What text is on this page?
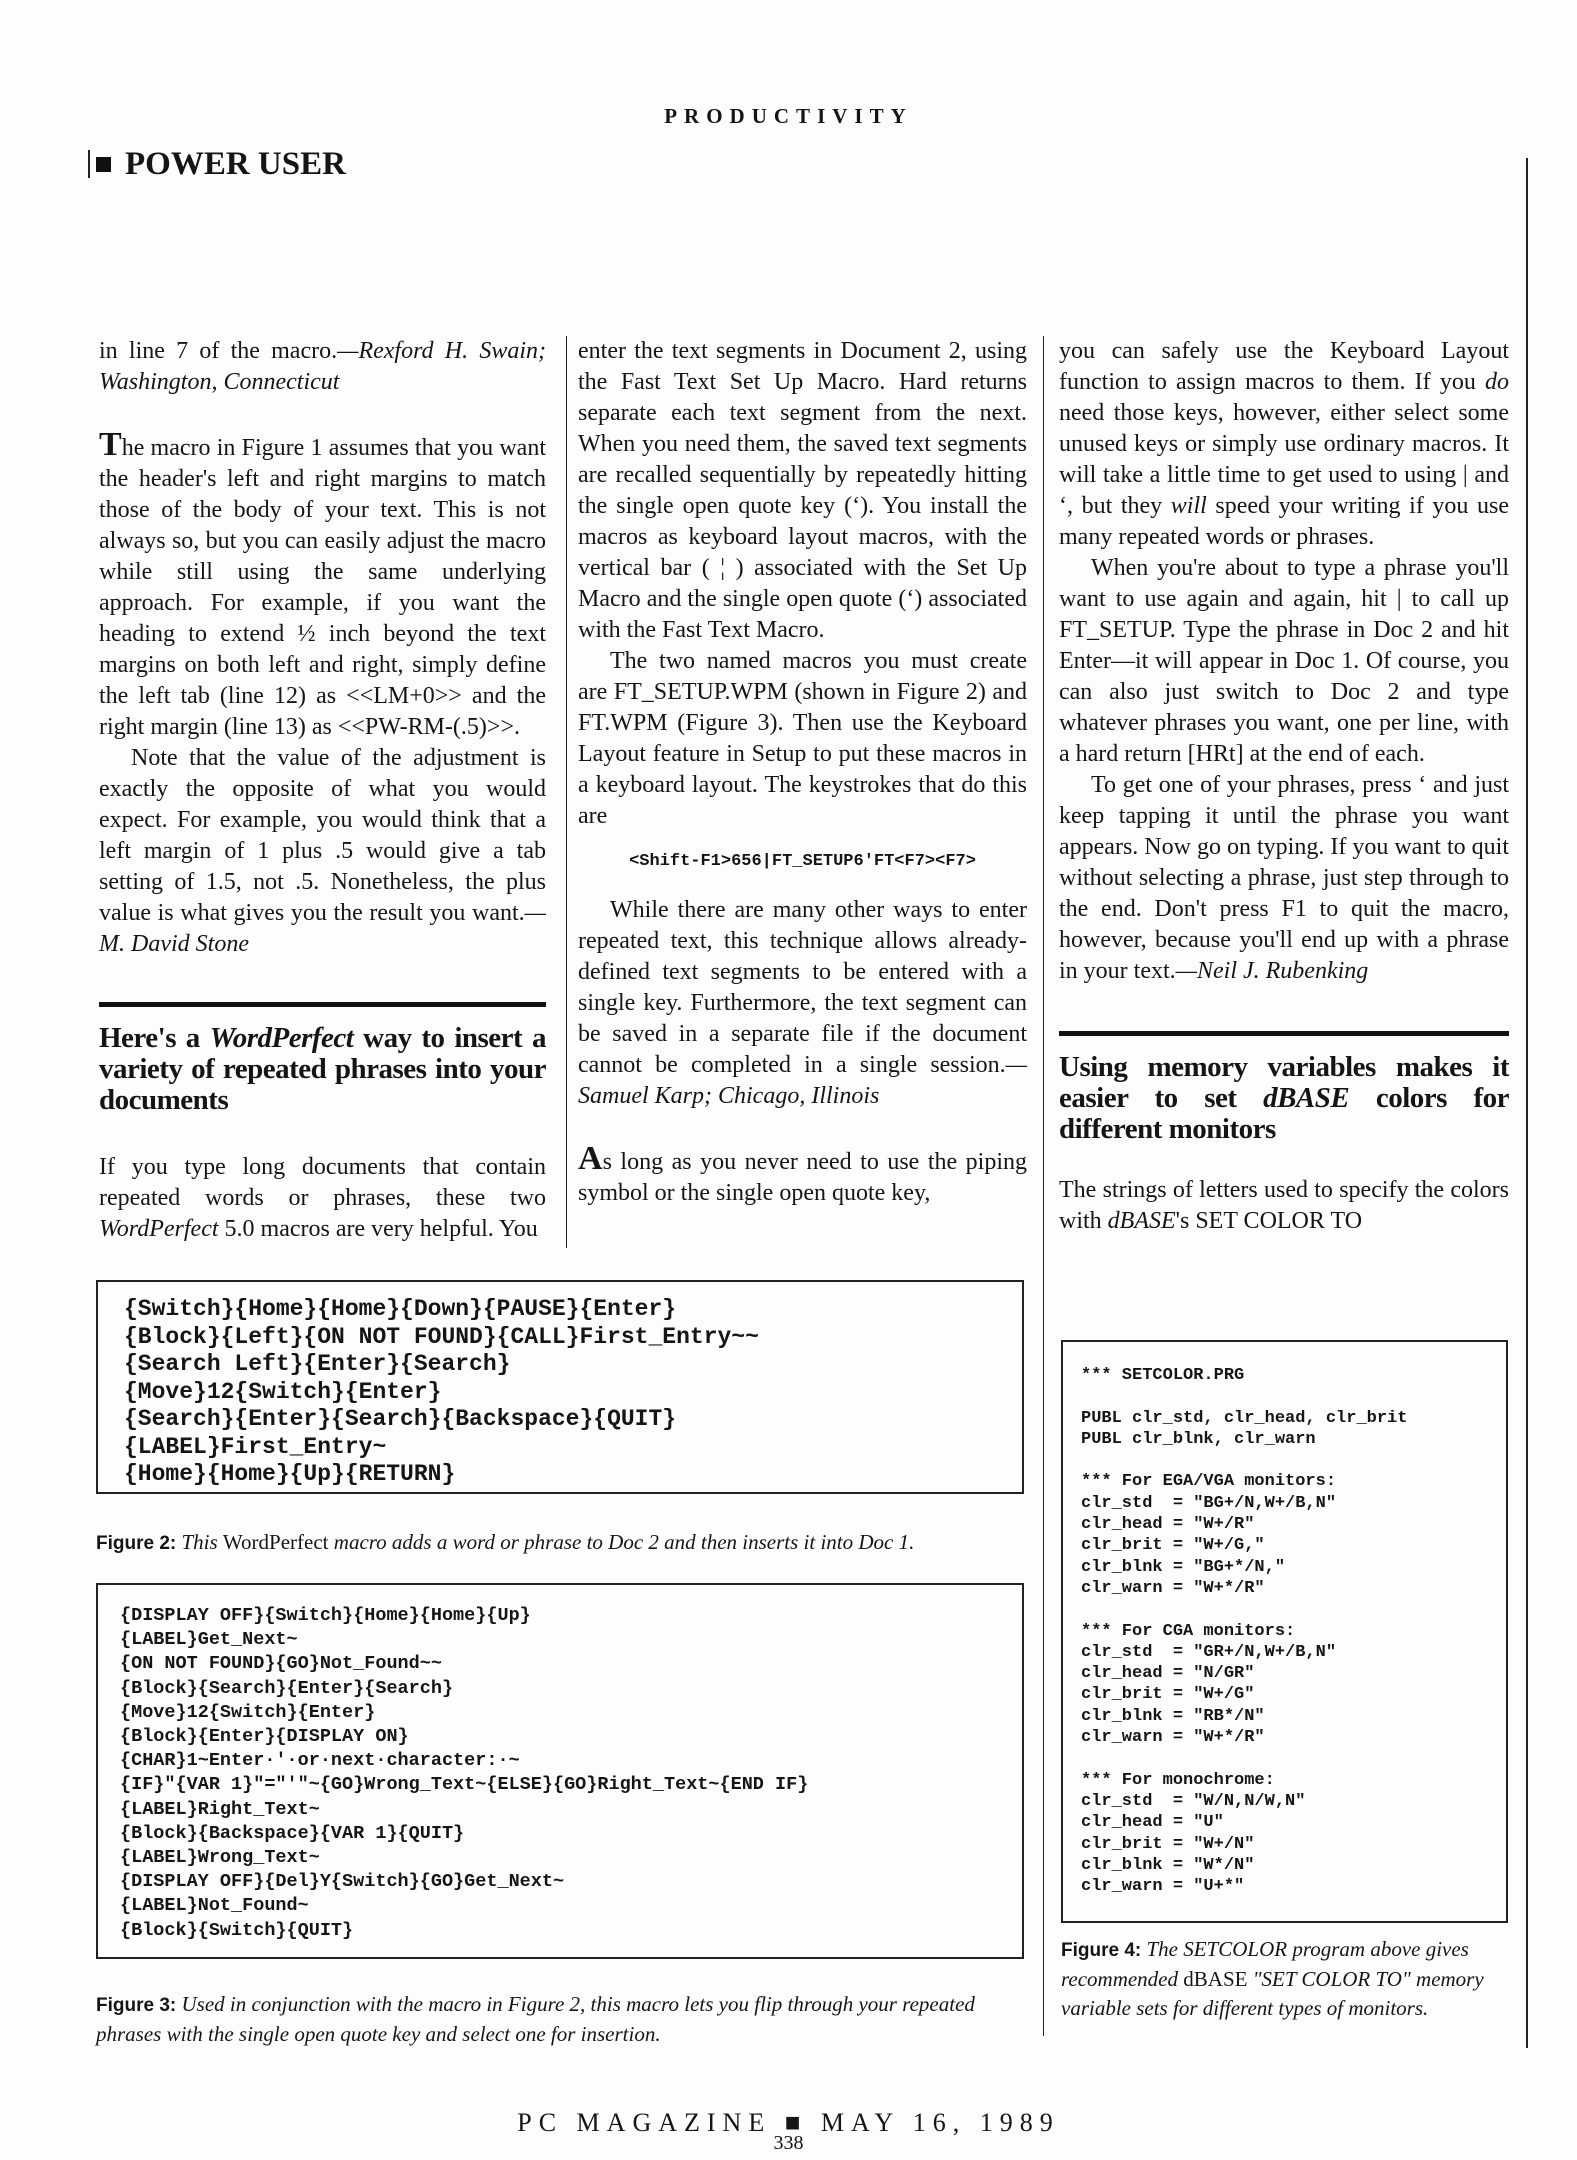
PRODUCTIVITY
POWER USER

in line 7 of the macro.—Rexford H. Swain; Washington, Connecticut

The macro in Figure 1 assumes that you want the header's left and right margins to match those of the body of your text. This is not always so, but you can easily adjust the macro while still using the same underlying approach. For example, if you want the heading to extend ½ inch beyond the text margins on both left and right, simply define the left tab (line 12) as <<LM+0>> and the right margin (line 13) as <<PW-RM-(.5)>>.

Note that the value of the adjustment is exactly the opposite of what you would expect. For example, you would think that a left margin of 1 plus .5 would give a tab setting of 1.5, not .5. Nonetheless, the plus value is what gives you the result you want.—M. David Stone

Here's a WordPerfect way to insert a variety of repeated phrases into your documents

If you type long documents that contain repeated words or phrases, these two WordPerfect 5.0 macros are very helpful. You

enter the text segments in Document 2, using the Fast Text Set Up Macro. Hard returns separate each text segment from the next. When you need them, the saved text segments are recalled sequentially by repeatedly hitting the single open quote key (‘). You install the macros as keyboard layout macros, with the vertical bar ( ¦ ) associated with the Set Up Macro and the single open quote (‘) associated with the Fast Text Macro.

The two named macros you must create are FT_SETUP.WPM (shown in Figure 2) and FT.WPM (Figure 3). Then use the Keyboard Layout feature in Setup to put these macros in a keyboard layout. The keystrokes that do this are

<Shift-F1>656|FT_SETUP6'FT<F7><F7>

While there are many other ways to enter repeated text, this technique allows already-defined text segments to be entered with a single key. Furthermore, the text segment can be saved in a separate file if the document cannot be completed in a single session.—Samuel Karp; Chicago, Illinois

As long as you never need to use the piping symbol or the single open quote key,

you can safely use the Keyboard Layout function to assign macros to them. If you do need those keys, however, either select some unused keys or simply use ordinary macros. It will take a little time to get used to using | and ‘, but they will speed your writing if you use many repeated words or phrases.

When you're about to type a phrase you'll want to use again and again, hit | to call up FT_SETUP. Type the phrase in Doc 2 and hit Enter—it will appear in Doc 1. Of course, you can also just switch to Doc 2 and type whatever phrases you want, one per line, with a hard return [HRt] at the end of each.

To get one of your phrases, press ‘ and just keep tapping it until the phrase you want appears. Now go on typing. If you want to quit without selecting a phrase, just step through to the end. Don't press F1 to quit the macro, however, because you'll end up with a phrase in your text.—Neil J. Rubenking

Using memory variables makes it easier to set dBASE colors for different monitors

The strings of letters used to specify the colors with dBASE's SET COLOR TO

{Switch}{Home}{Home}{Down}{PAUSE}{Enter}
{Block}{Left}{ON NOT FOUND}{CALL}First_Entry~~
{Search Left}{Enter}{Search}
{Move}12{Switch}{Enter}
{Search}{Enter}{Search}{Backspace}{QUIT}
{LABEL}First_Entry~
{Home}{Home}{Up}{RETURN}
Figure 2: This WordPerfect macro adds a word or phrase to Doc 2 and then inserts it into Doc 1.
{DISPLAY OFF}{Switch}{Home}{Home}{Up}
{LABEL}Get_Next~
{ON NOT FOUND}{GO}Not_Found~~
{Block}{Search}{Enter}{Search}
{Move}12{Switch}{Enter}
{Block}{Enter}{DISPLAY ON}
{CHAR}1~Enter·'·or·next·character:·~
{IF}"{VAR 1}"="'"~{GO}Wrong_Text~{ELSE}{GO}Right_Text~{END IF}
{LABEL}Right_Text~
{Block}{Backspace}{VAR 1}{QUIT}
{LABEL}Wrong_Text~
{DISPLAY OFF}{Del}Y{Switch}{GO}Get_Next~
{LABEL}Not_Found~
{Block}{Switch}{QUIT}
Figure 3: Used in conjunction with the macro in Figure 2, this macro lets you flip through your repeated phrases with the single open quote key and select one for insertion.
*** SETCOLOR.PRG

PUBL clr_std, clr_head, clr_brit
PUBL clr_blnk, clr_warn

*** For EGA/VGA monitors:
clr_std  = "BG+/N,W+/B,N"
clr_head = "W+/R"
clr_brit = "W+/G,"
clr_blnk = "BG+*/N,"
clr_warn = "W+*/R"

*** For CGA monitors:
clr_std  = "GR+/N,W+/B,N"
clr_head = "N/GR"
clr_brit = "W+/G"
clr_blnk = "RB*/N"
clr_warn = "W+*/R"

*** For monochrome:
clr_std  = "W/N,N/W,N"
clr_head = "U"
clr_brit = "W+/N"
clr_blnk = "W*/N"
clr_warn = "U+*"
Figure 4: The SETCOLOR program above gives recommended dBASE "SET COLOR TO" memory variable sets for different types of monitors.
PC MAGAZINE ■ MAY 16, 1989
338
